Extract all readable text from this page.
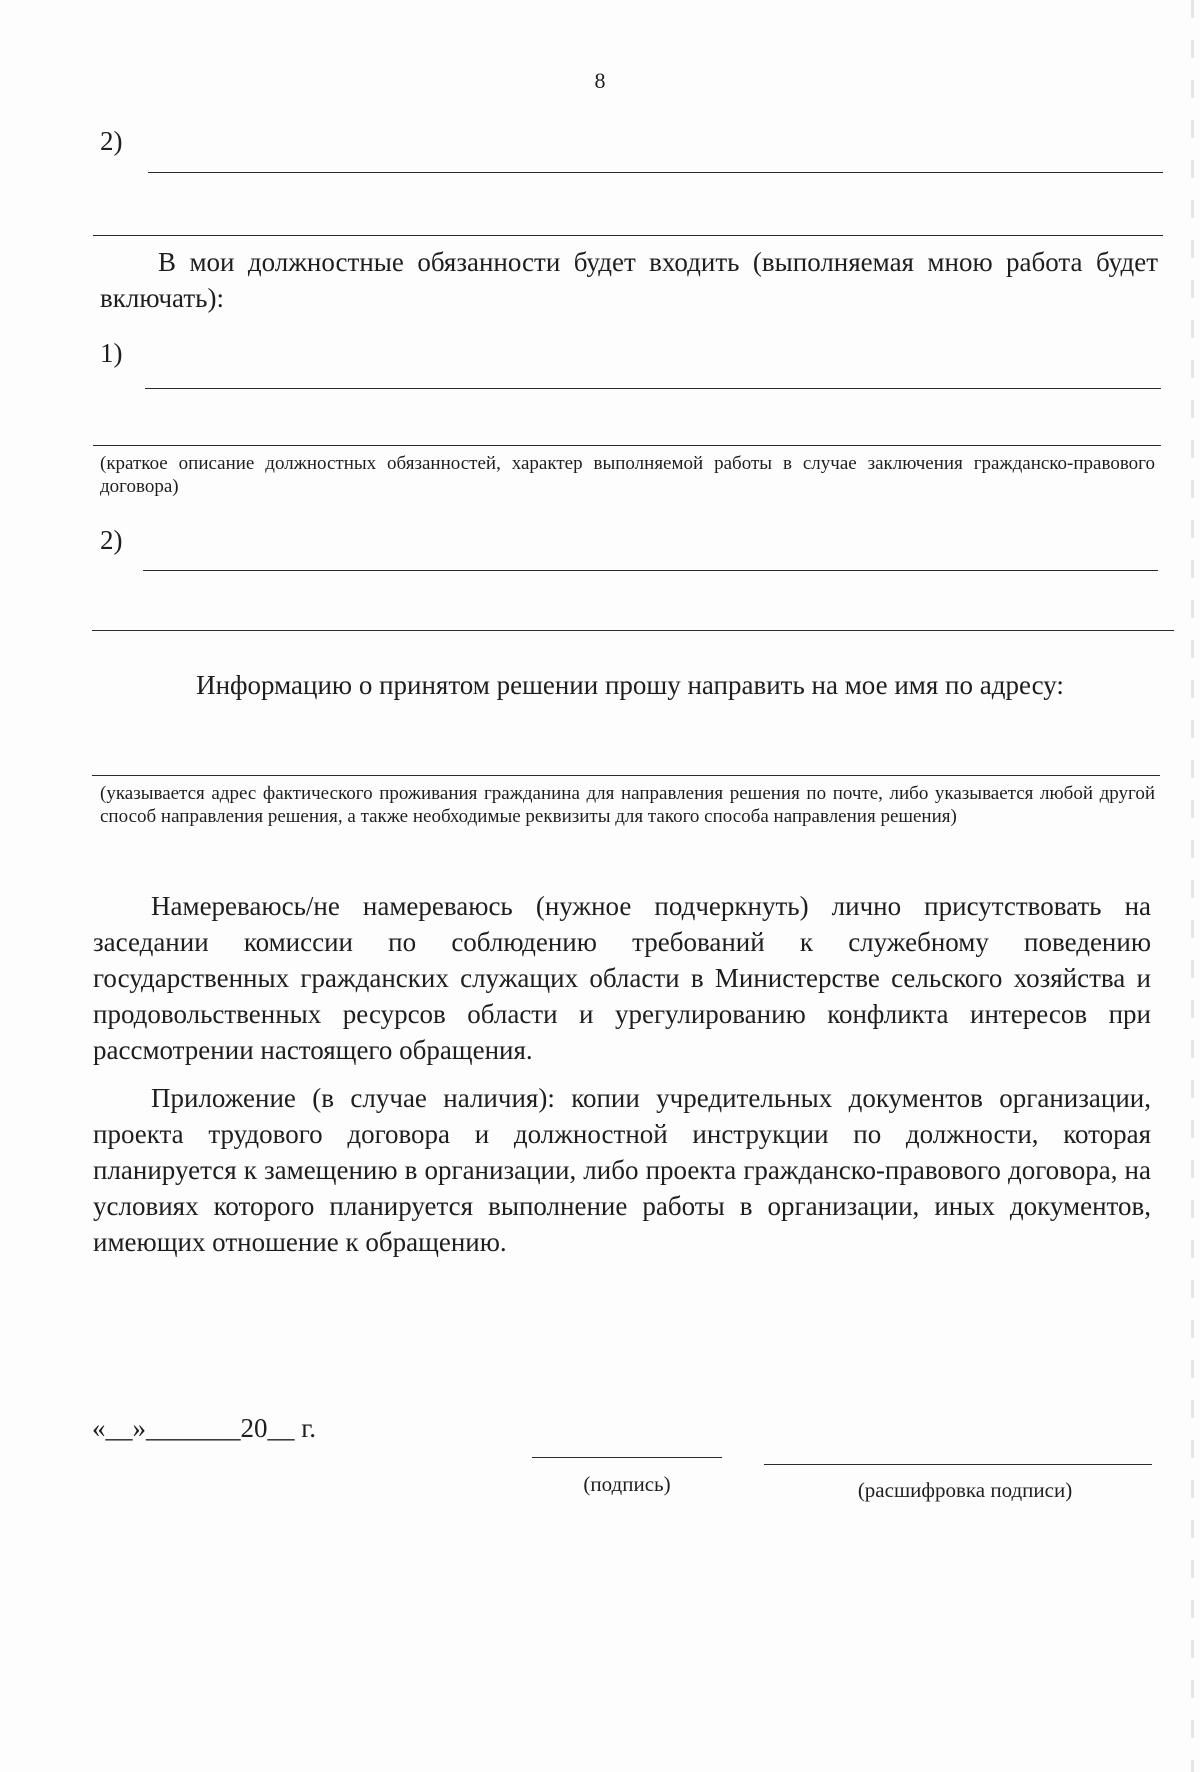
8
2)
В мои должностные обязанности будет входить (выполняемая мною работа будет включать):
1)
(краткое описание должностных обязанностей, характер выполняемой работы в случае заключения гражданско-правового договора)
2)
Информацию о принятом решении прошу направить на мое имя по адресу:
(указывается адрес фактического проживания гражданина для направления решения по почте, либо указывается любой другой способ направления решения, а также необходимые реквизиты для такого способа направления решения)
Намереваюсь/не намереваюсь (нужное подчеркнуть) лично присутствовать на заседании комиссии по соблюдению требований к служебному поведению государственных гражданских служащих области в Министерстве сельского хозяйства и продовольственных ресурсов области и урегулированию конфликта интересов при рассмотрении настоящего обращения.
Приложение (в случае наличия): копии учредительных документов организации, проекта трудового договора и должностной инструкции по должности, которая планируется к замещению в организации, либо проекта гражданско-правового договора, на условиях которого планируется выполнение работы в организации, иных документов, имеющих отношение к обращению.
«__»_______20__ г.
(подпись)	(расшифровка подписи)
